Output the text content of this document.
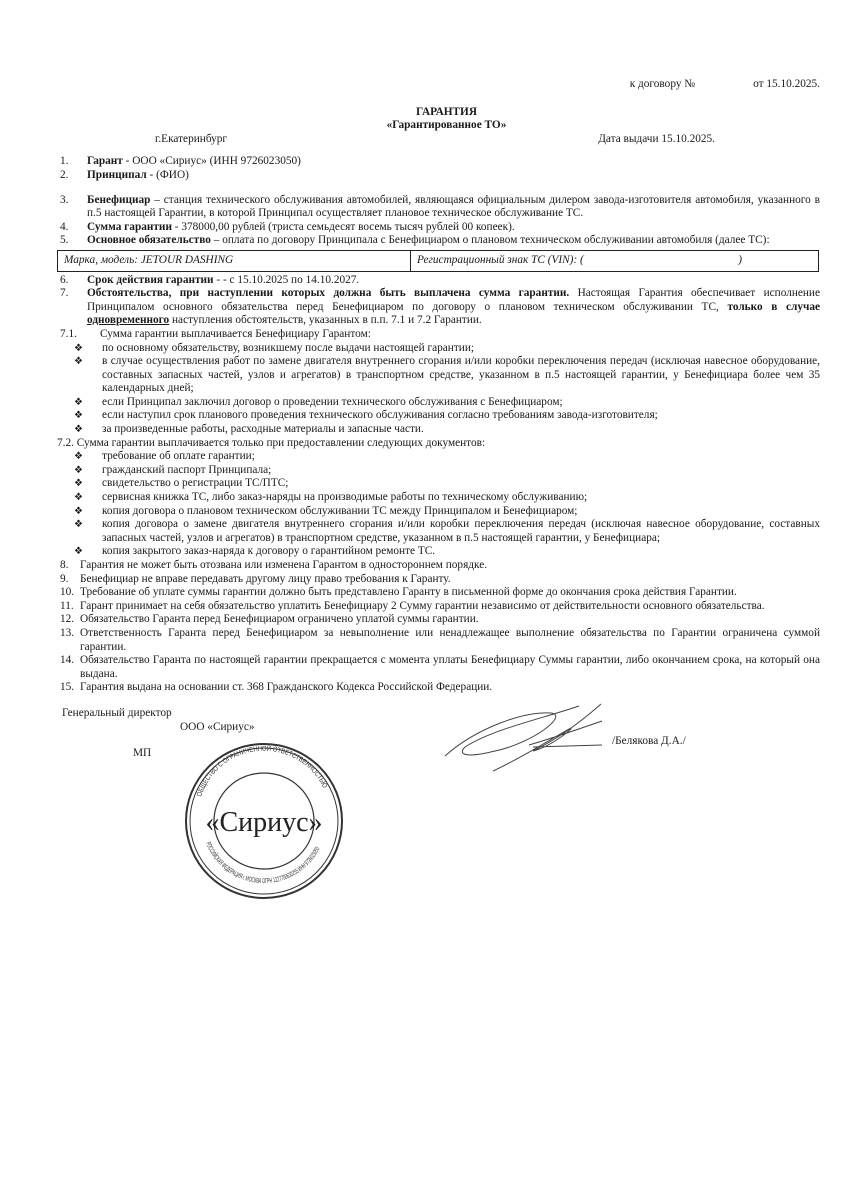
к договору №	от 15.10.2025.
ГАРАНТИЯ
«Гарантированное ТО»
г.Екатеринбург	Дата выдачи 15.10.2025.
1.	Гарант - ООО «Сириус» (ИНН 9726023050)
2.	Принципал - (ФИО)
3.	Бенефициар – станция технического обслуживания автомобилей, являющаяся официальным дилером завода-изготовителя автомобиля, указанного в п.5 настоящей Гарантии, в которой Принципал осуществляет плановое техническое обслуживание ТС.
4.	Сумма гарантии - 378000,00 рублей (триста семьдесят восемь тысяч рублей 00 копеек).
5.	Основное обязательство – оплата по договору Принципала с Бенефициаром о плановом техническом обслуживании автомобиля (далее ТС):
Марка, модель: JETOUR DASHING	Регистрационный знак ТС (VIN): (	)
6.	Срок действия гарантии - - с 15.10.2025 по 14.10.2027.
7.	Обстоятельства, при наступлении которых должна быть выплачена сумма гарантии. Настоящая Гарантия обеспечивает исполнение Принципалом основного обязательства перед Бенефициаром по договору о плановом техническом обслуживании ТС, только в случае одновременного наступления обстоятельств, указанных в п.п. 7.1 и 7.2 Гарантии.
7.1.	Сумма гарантии выплачивается Бенефициару Гарантом:
❖	по основному обязательству, возникшему после выдачи настоящей гарантии;
❖	в случае осуществления работ по замене двигателя внутреннего сгорания и/или коробки переключения передач (исключая навесное оборудование, составных запасных частей, узлов и агрегатов) в транспортном средстве, указанном в п.5 настоящей гарантии, у Бенефициара более чем 35 календарных дней;
❖	если Принципал заключил договор о проведении технического обслуживания с Бенефициаром;
❖	если наступил срок планового проведения технического обслуживания согласно требованиям завода-изготовителя;
❖	за произведенные работы, расходные материалы и запасные части.
7.2. Сумма гарантии выплачивается только при предоставлении следующих документов:
❖	требование об оплате гарантии;
❖	гражданский паспорт Принципала;
❖	свидетельство о регистрации ТС/ПТС;
❖	сервисная книжка ТС, либо заказ-наряды на производимые работы по техническому обслуживанию;
❖	копия договора о плановом техническом обслуживании ТС между Принципалом и Бенефициаром;
❖	копия договора о замене двигателя внутреннего сгорания и/или коробки переключения передач (исключая навесное оборудование, составных запасных частей, узлов и агрегатов) в транспортном средстве, указанном в п.5 настоящей гарантии, у Бенефициара;
❖	копия закрытого заказ-наряда к договору о гарантийном ремонте ТС.
8.	Гарантия не может быть отозвана или изменена Гарантом в одностороннем порядке.
9.	Бенефициар не вправе передавать другому лицу право требования к Гаранту.
10. Требование об уплате суммы гарантии должно быть представлено Гаранту в письменной форме до окончания срока действия Гарантии.
11. Гарант принимает на себя обязательство уплатить Бенефициару 2 Сумму гарантии независимо от действительности основного обязательства.
12. Обязательство Гаранта перед Бенефициаром ограничено уплатой суммы гарантии.
13. Ответственность Гаранта перед Бенефициаром за невыполнение или ненадлежащее выполнение обязательства по Гарантии ограничена суммой гарантии.
14. Обязательство Гаранта по настоящей гарантии прекращается с момента уплаты Бенефициару Суммы гарантии, либо окончанием срока, на который она выдана.
15. Гарантия выдана на основании ст. 368 Гражданского Кодекса Российской Федерации.
Генеральный директор
ООО «Сириус»
МП
ОБЩЕСТВО С ОГРАНИЧЕННОЙ ОТВЕТСТВЕННОСТЬЮ
РОССИЙСКАЯ ФЕДЕРАЦИЯ г. МОСКВА ОГРН 1227700630255 ИНН 9726023050
«Сириус»
/Белякова Д.А./
